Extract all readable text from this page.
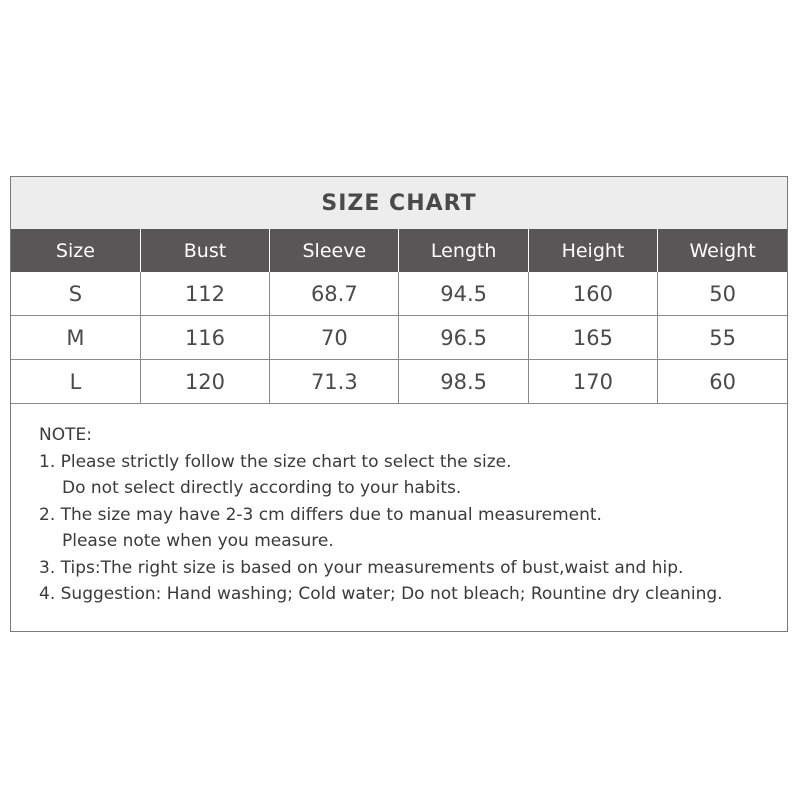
SIZE CHART
Size	Bust	Sleeve	Length	Height	Weight
S	112	68.7	94.5	160	50
M	116	70	96.5	165	55
L	120	71.3	98.5	170	60
NOTE:
1. Please strictly follow the size chart to select the size.
Do not select directly according to your habits.
2. The size may have 2-3 cm differs due to manual measurement.
Please note when you measure.
3. Tips:The right size is based on your measurements of bust,waist and hip.
4. Suggestion: Hand washing; Cold water; Do not bleach; Rountine dry cleaning.
